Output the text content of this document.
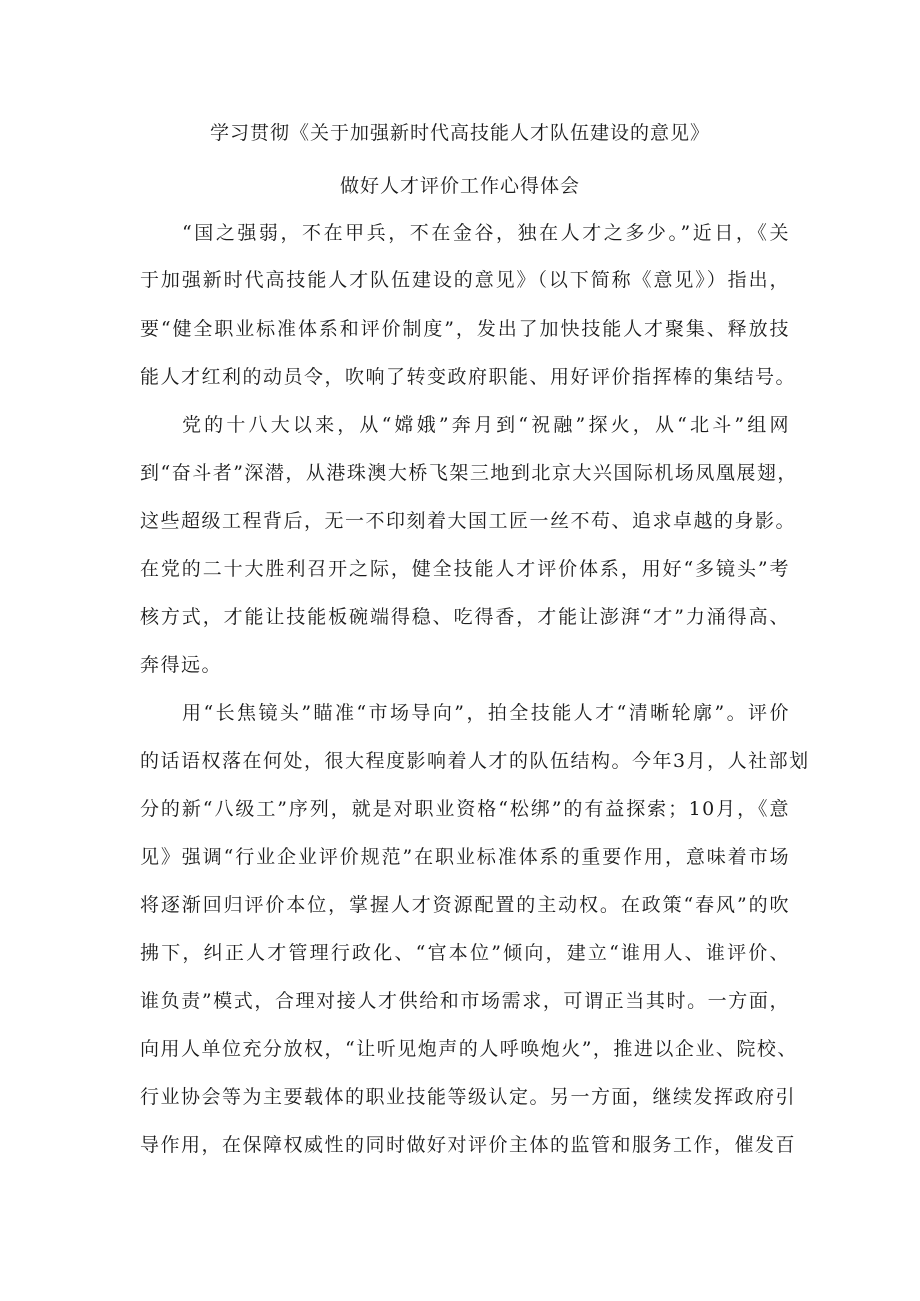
学习贯彻《关于加强新时代高技能人才队伍建设的意见》
做好人才评价工作心得体会
“国之强弱，不在甲兵，不在金谷，独在人才之多少。”近日，《关
于加强新时代高技能人才队伍建设的意见》（以下简称《意见》）指出，
要“健全职业标准体系和评价制度”，发出了加快技能人才聚集、释放技
能人才红利的动员令，吹响了转变政府职能、用好评价指挥棒的集结号。
党的十八大以来，从“嫦娥”奔月到“祝融”探火，从“北斗”组网
到“奋斗者”深潜，从港珠澳大桥飞架三地到北京大兴国际机场凤凰展翅，
这些超级工程背后，无一不印刻着大国工匠一丝不苟、追求卓越的身影。
在党的二十大胜利召开之际，健全技能人才评价体系，用好“多镜头”考
核方式，才能让技能板碗端得稳、吃得香，才能让澎湃“才”力涌得高、
奔得远。
用“长焦镜头”瞄准“市场导向”，拍全技能人才“清晰轮廓”。评价
的话语权落在何处，很大程度影响着人才的队伍结构。今年3月，人社部划
分的新“八级工”序列，就是对职业资格“松绑”的有益探索；10月，《意
见》强调“行业企业评价规范”在职业标准体系的重要作用，意味着市场
将逐渐回归评价本位，掌握人才资源配置的主动权。在政策“春风”的吹
拂下，纠正人才管理行政化、“官本位”倾向，建立“谁用人、谁评价、
谁负责”模式，合理对接人才供给和市场需求，可谓正当其时。一方面，
向用人单位充分放权，“让听见炮声的人呼唤炮火”，推进以企业、院校、
行业协会等为主要载体的职业技能等级认定。另一方面，继续发挥政府引
导作用，在保障权威性的同时做好对评价主体的监管和服务工作，催发百
